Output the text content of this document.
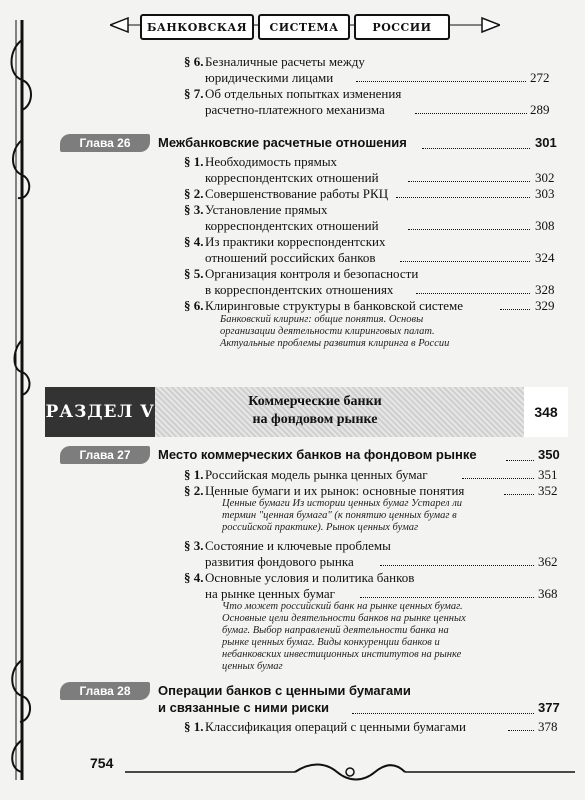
БАНКОВСКАЯ	СИСТЕМА	РОССИИ
§ 6. Безналичные расчеты между
юридическими лицами	272
§ 7. Об отдельных попытках изменения
расчетно-платежного механизма	289
Глава 26	Межбанковские расчетные отношения	301
§ 1. Необходимость прямых
корреспондентских отношений	302
§ 2. Совершенствование работы РКЦ	303
§ 3. Установление прямых
корреспондентских отношений	308
§ 4. Из практики корреспондентских
отношений российских банков	324
§ 5. Организация контроля и безопасности
в корреспондентских отношениях	328
§ 6. Клиринговые структуры в банковской системе	329
Банковский клиринг: общие понятия. Основы
организации деятельности клиринговых палат.
Актуальные проблемы развития клиринга в России
РАЗДЕЛ V
Коммерческие банки
на фондовом рынке	348
Глава 27	Место коммерческих банков на фондовом рынке	350
§ 1. Российская модель рынка ценных бумаг	351
§ 2. Ценные бумаги и их рынок: основные понятия	352
Ценные бумаги Из истории ценных бумаг Устарел ли
термин "ценная бумага" (к понятию ценных бумаг в
российской практике). Рынок ценных бумаг
§ 3. Состояние и ключевые проблемы
развития фондового рынка	362
§ 4. Основные условия и политика банков
на рынке ценных бумаг	368
Что может российский банк на рынке ценных бумаг.
Основные цели деятельности банков на рынке ценных
бумаг. Выбор направлений деятельности банка на
рынке ценных бумаг. Виды конкуренции банков и
небанковских инвестиционных институтов на рынке
ценных бумаг
Глава 28	Операции банков с ценными бумагами
и связанные с ними риски	377
§ 1. Классификация операций с ценными бумагами	378
754
